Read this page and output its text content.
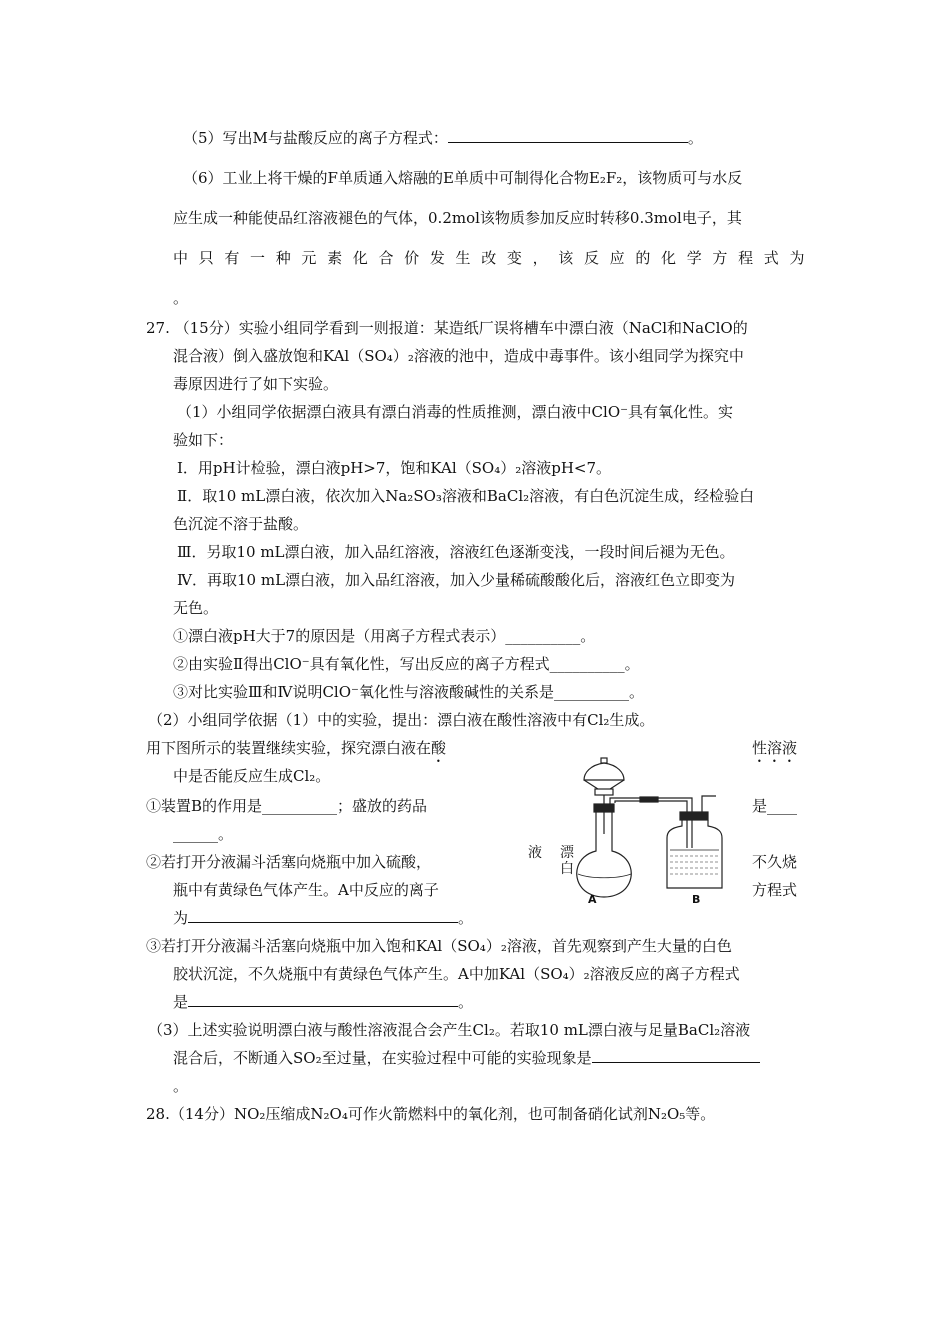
（5）写出M与盐酸反应的离子方程式：	。
（6）工业上将干燥的F单质通入熔融的E单质中可制得化合物E₂F₂，该物质可与水反
应生成一种能使品红溶液褪色的气体，0.2mol该物质参加反应时转移0.3mol电子，其
中只有一种元素化合价发生改变，该反应的化学方程式为
。
27. （15分）实验小组同学看到一则报道：某造纸厂误将槽车中漂白液（NaCl和NaClO的
混合液）倒入盛放饱和KAl（SO₄）₂溶液的池中，造成中毒事件。该小组同学为探究中
毒原因进行了如下实验。
（1）小组同学依据漂白液具有漂白消毒的性质推测，漂白液中ClO⁻具有氧化性。实
验如下：
Ⅰ．用pH计检验，漂白液pH>7，饱和KAl（SO₄）₂溶液pH<7。
Ⅱ．取10 mL漂白液，依次加入Na₂SO₃溶液和BaCl₂溶液，有白色沉淀生成，经检验白
色沉淀不溶于盐酸。
Ⅲ．另取10 mL漂白液，加入品红溶液，溶液红色逐渐变浅，一段时间后褪为无色。
Ⅳ．再取10 mL漂白液，加入品红溶液，加入少量稀硫酸酸化后，溶液红色立即变为
无色。
①漂白液pH大于7的原因是（用离子方程式表示）__________。
②由实验Ⅱ得出ClO⁻具有氧化性，写出反应的离子方程式__________。
③对比实验Ⅲ和Ⅳ说明ClO⁻氧化性与溶液酸碱性的关系是__________。
（2）小组同学依据（1）中的实验，提出：漂白液在酸性溶液中有Cl₂生成。
用下图所示的装置继续实验，探究漂白液在酸	性溶液
中是否能反应生成Cl₂。
①装置B的作用是__________；盛放的药品	是____
______。
②若打开分液漏斗活塞向烧瓶中加入硫酸，	不久烧
瓶中有黄绿色气体产生。A中反应的离子	方程式
为	。
③若打开分液漏斗活塞向烧瓶中加入饱和KAl（SO₄）₂溶液，首先观察到产生大量的白色
胶状沉淀，不久烧瓶中有黄绿色气体产生。A中加KAl（SO₄）₂溶液反应的离子方程式
是	。
（3）上述实验说明漂白液与酸性溶液混合会产生Cl₂。若取10 mL漂白液与足量BaCl₂溶液
混合后，不断通入SO₂至过量，在实验过程中可能的实验现象是
。
28.（14分）NO₂压缩成N₂O₄可作火箭燃料中的氧化剂，也可制备硝化试剂N₂O₅等。
液 漂
白
A	B
